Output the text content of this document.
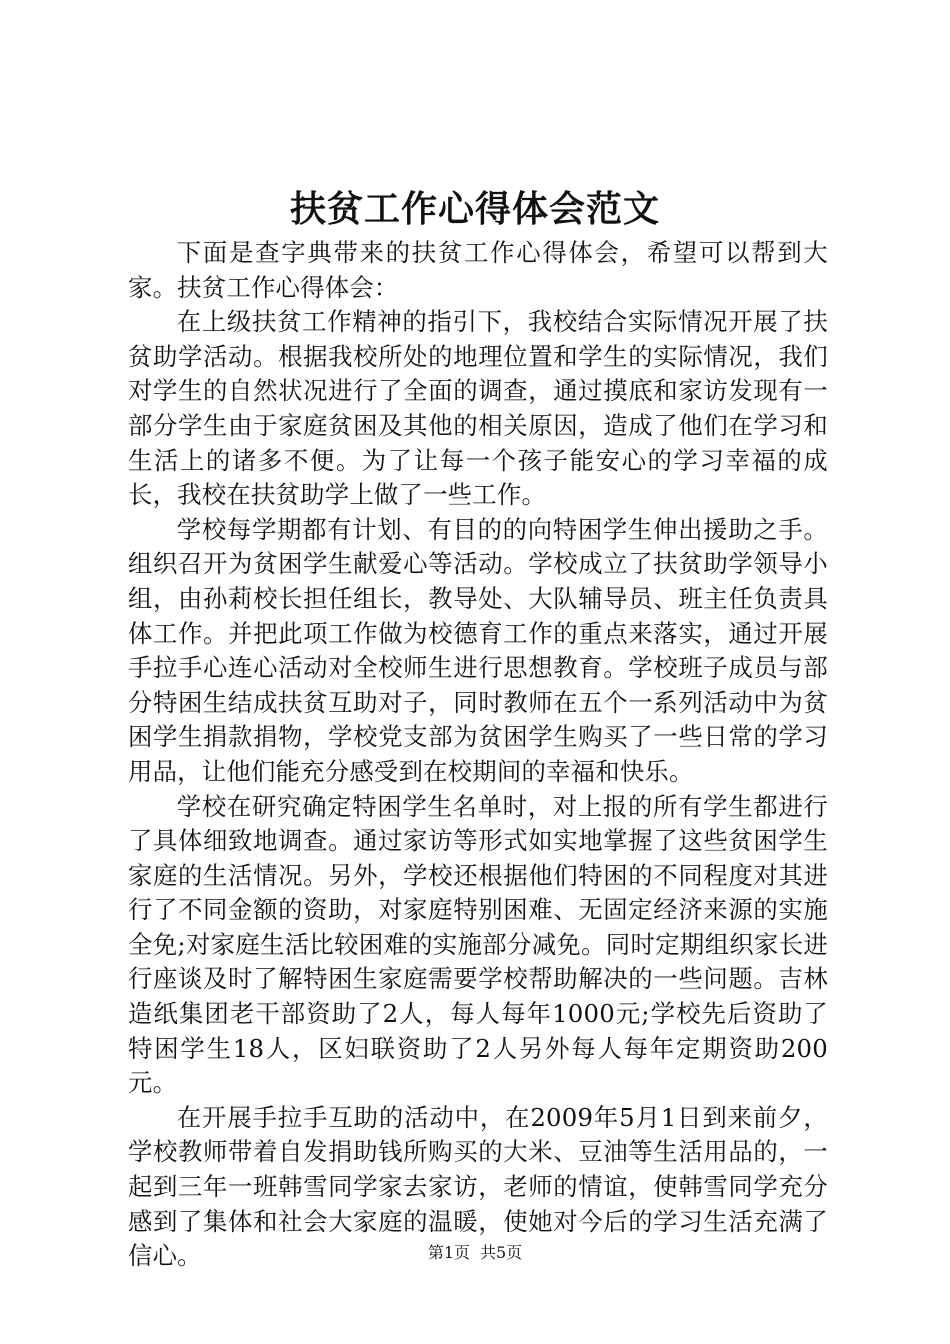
扶贫工作心得体会范文

下面是查字典带来的扶贫工作心得体会，希望可以帮到大家。扶贫工作心得体会：

在上级扶贫工作精神的指引下，我校结合实际情况开展了扶贫助学活动。根据我校所处的地理位置和学生的实际情况，我们对学生的自然状况进行了全面的调查，通过摸底和家访发现有一部分学生由于家庭贫困及其他的相关原因，造成了他们在学习和生活上的诸多不便。为了让每一个孩子能安心的学习幸福的成长，我校在扶贫助学上做了一些工作。

学校每学期都有计划、有目的的向特困学生伸出援助之手。组织召开为贫困学生献爱心等活动。学校成立了扶贫助学领导小组，由孙莉校长担任组长，教导处、大队辅导员、班主任负责具体工作。并把此项工作做为校德育工作的重点来落实，通过开展手拉手心连心活动对全校师生进行思想教育。学校班子成员与部分特困生结成扶贫互助对子，同时教师在五个一系列活动中为贫困学生捐款捐物，学校党支部为贫困学生购买了一些日常的学习用品，让他们能充分感受到在校期间的幸福和快乐。

学校在研究确定特困学生名单时，对上报的所有学生都进行了具体细致地调查。通过家访等形式如实地掌握了这些贫困学生家庭的生活情况。另外，学校还根据他们特困的不同程度对其进行了不同金额的资助，对家庭特别困难、无固定经济来源的实施全免;对家庭生活比较困难的实施部分减免。同时定期组织家长进行座谈及时了解特困生家庭需要学校帮助解决的一些问题。吉林造纸集团老干部资助了2人，每人每年1000元;学校先后资助了特困学生18人，区妇联资助了2人另外每人每年定期资助200元。

在开展手拉手互助的活动中，在2009年5月1日到来前夕，学校教师带着自发捐助钱所购买的大米、豆油等生活用品的，一起到三年一班韩雪同学家去家访，老师的情谊，使韩雪同学充分感到了集体和社会大家庭的温暖，使她对今后的学习生活充满了信心。	第1页 共5页
